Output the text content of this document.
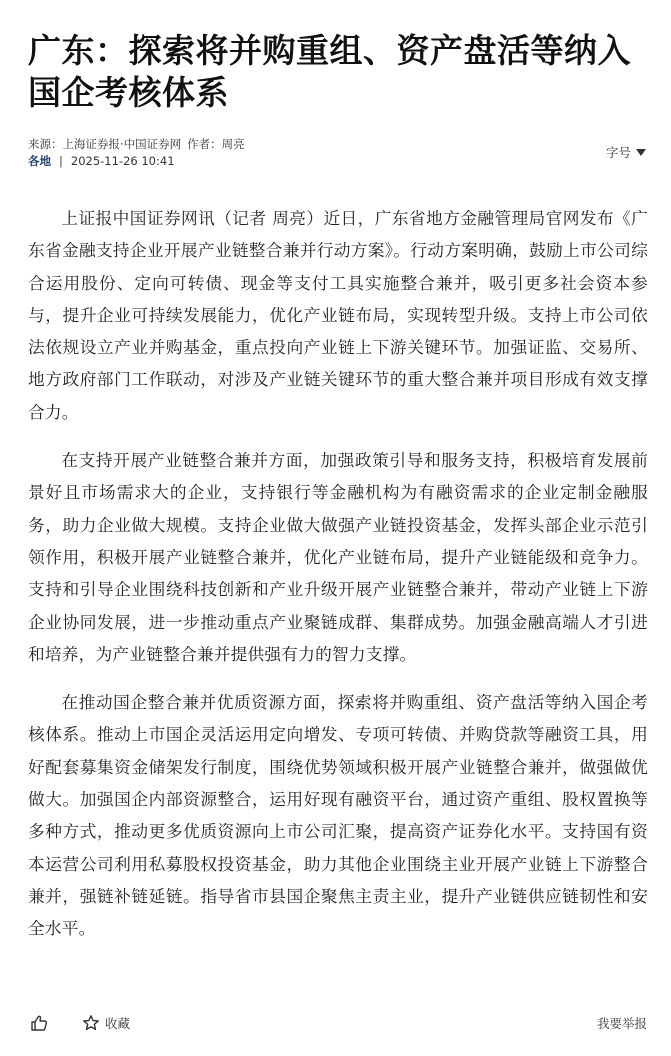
广东：探索将并购重组、资产盘活等纳入国企考核体系
来源：上海证券报·中国证券网 作者：周亮
各地 | 2025-11-26 10:41
字号

上证报中国证券网讯（记者 周亮）近日，广东省地方金融管理局官网发布《广东省金融支持企业开展产业链整合兼并行动方案》。行动方案明确，鼓励上市公司综合运用股份、定向可转债、现金等支付工具实施整合兼并，吸引更多社会资本参与，提升企业可持续发展能力，优化产业链布局，实现转型升级。支持上市公司依法依规设立产业并购基金，重点投向产业链上下游关键环节。加强证监、交易所、地方政府部门工作联动，对涉及产业链关键环节的重大整合兼并项目形成有效支撑合力。

在支持开展产业链整合兼并方面，加强政策引导和服务支持，积极培育发展前景好且市场需求大的企业，支持银行等金融机构为有融资需求的企业定制金融服务，助力企业做大规模。支持企业做大做强产业链投资基金，发挥头部企业示范引领作用，积极开展产业链整合兼并，优化产业链布局，提升产业链能级和竞争力。支持和引导企业围绕科技创新和产业升级开展产业链整合兼并，带动产业链上下游企业协同发展，进一步推动重点产业聚链成群、集群成势。加强金融高端人才引进和培养，为产业链整合兼并提供强有力的智力支撑。

在推动国企整合兼并优质资源方面，探索将并购重组、资产盘活等纳入国企考核体系。推动上市国企灵活运用定向增发、专项可转债、并购贷款等融资工具，用好配套募集资金储架发行制度，围绕优势领域积极开展产业链整合兼并，做强做优做大。加强国企内部资源整合，运用好现有融资平台，通过资产重组、股权置换等多种方式，推动更多优质资源向上市公司汇聚，提高资产证券化水平。支持国有资本运营公司利用私募股权投资基金，助力其他企业围绕主业开展产业链上下游整合兼并，强链补链延链。指导省市县国企聚焦主责主业，提升产业链供应链韧性和安全水平。

收藏	我要举报
